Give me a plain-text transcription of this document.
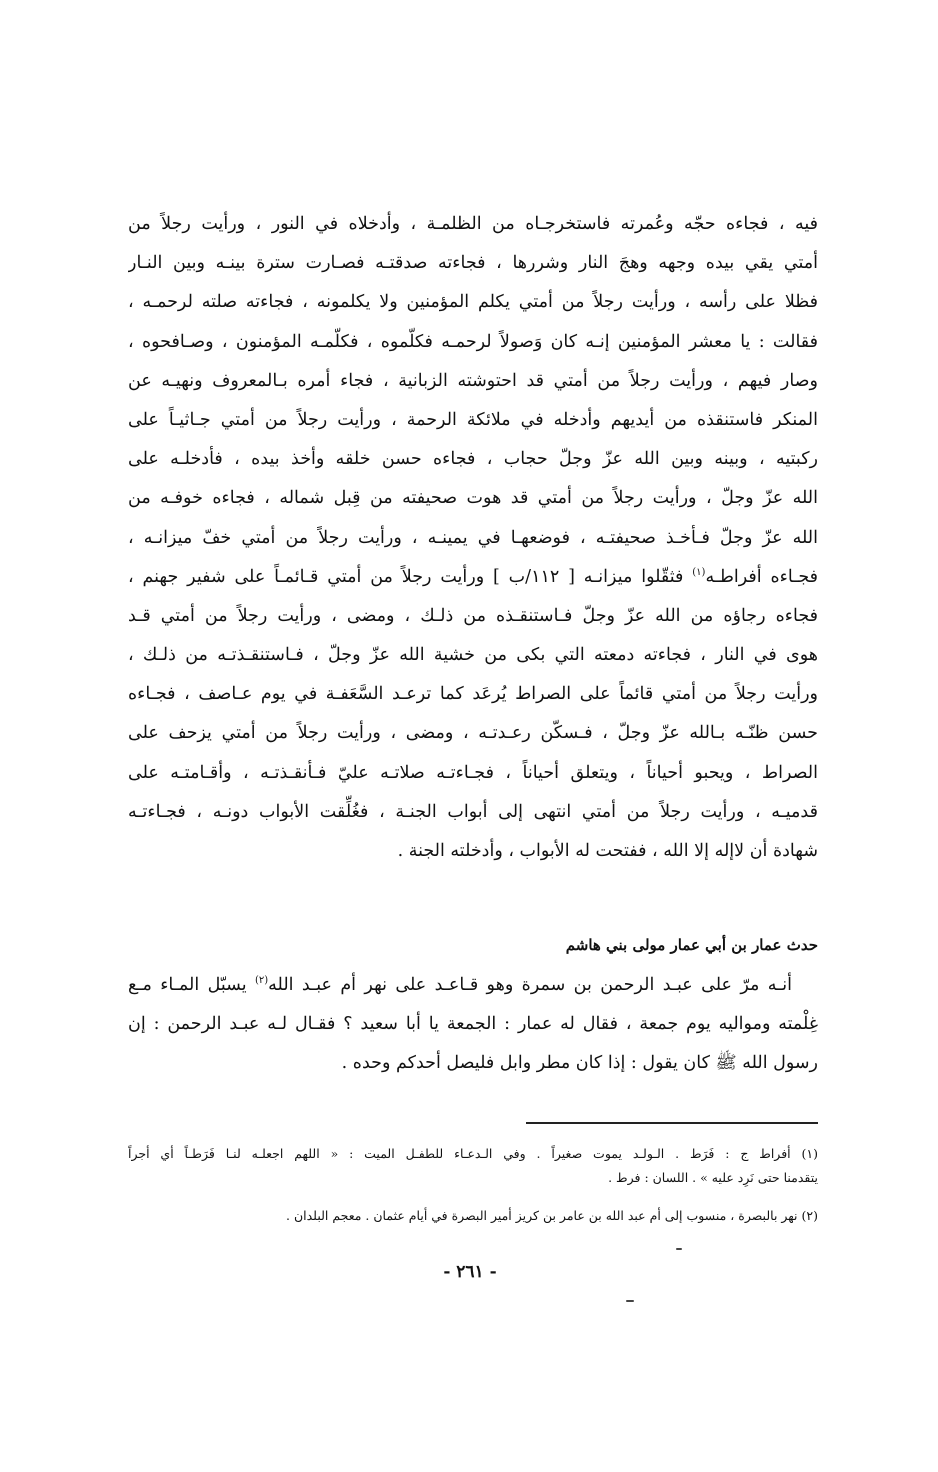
فيه ، فجاءه حجّه وعُمرته فاستخرجـاه من الظلمـة ، وأدخلاه في النور ، ورأيت رجلاً من
أمتي يقي بيده وجهه وهجَ النار وشررها ، فجاءته صدقتـه فصـارت سترة بينـه وبين النـار
فظلا على رأسه ، ورأيت رجلاً من أمتي يكلم المؤمنين ولا يكلمونه ، فجاءته صلته لرحمـه ،
فقالت : يا معشر المؤمنين إنـه كان وَصولاً لرحمـه فكلّموه ، فكلّمـه المؤمنون ، وصـافحوه ،
وصار فيهم ، ورأيت رجلاً من أمتي قد احتوشته الزبانية ، فجاء أمره بـالمعروف ونهيـه عن
المنكر فاستنقذه من أيديهم وأدخله في ملائكة الرحمة ، ورأيت رجلاً من أمتي جـاثيـاً على
ركبتيه ، وبينه وبين الله عزّ وجلّ حجاب ، فجاءه حسن خلقه وأخذ بيده ، فأدخلـه على
الله عزّ وجلّ ، ورأيت رجلاً من أمتي قد هوت صحيفته من قِبل شماله ، فجاءه خوفـه من
الله عزّ وجلّ فـأخـذ صحيفتـه ، فوضعهـا في يمينـه ، ورأيت رجلاً من أمتي خفّ ميزانـه ،
فجـاءه أفراطـه$^{(١)}$ فثقّلوا ميزانـه [ ١١٢/ب ] ورأيت رجلاً من أمتي قـائمـاً على شفير جهنم ،
فجاءه رجاؤه من الله عزّ وجلّ فـاستنقـذه من ذلـك ، ومضى ، ورأيت رجلاً من أمتي قـد
هوى في النار ، فجاءته دمعته التي بكى من خشية الله عزّ وجلّ ، فـاستنقـذتـه من ذلـك ،
ورأيت رجلاً من أمتي قائماً على الصراط يُرعَد كما ترعـد السَّعَفـة في يوم عـاصف ، فجـاءه
حسن ظنّـه بـالله عزّ وجلّ ، فـسكّن رعـدتـه ، ومضى ، ورأيت رجلاً من أمتي يزحف على
الصراط ، ويحبو أحياناً ، ويتعلق أحياناً ، فجـاءتـه صلاتـه عليّ فـأنقـذتـه ، وأقـامتـه على
قدميـه ، ورأيت رجلاً من أمتي انتهى إلى أبواب الجنـة ، فغُلِّقت الأبواب دونـه ، فجـاءتـه
شهادة أن لاإله إلا الله ، ففتحت له الأبواب ، وأدخلته الجنة .
حدث عمار بن أبي عمار مولى بني هاشم
أنـه مرّ على عبـد الرحمن بن سمرة وهو قـاعـد على نهر أم عبـد الله$^{(٢)}$ يسبّل المـاء مـع
غِلْمته ومواليه يوم جمعة ، فقال له عمار : الجمعة يا أبا سعيد ؟ فقـال لـه عبـد الرحمن : إن
رسول الله ﷺ كان يقول : إذا كان مطر وابل فليصل أحدكم وحده .
(١) أفراط ج : فَرَط . الـولـد يموت صغيراً . وفي الـدعـاء للطفـل الميت : « اللهم اجعلـه لنـا فَرَطـاً أي أجراً
يتقدمنا حتى نَرِد عليه » . اللسان : فرط .
(٢) نهر بالبصرة ، منسوب إلى أم عبد الله بن عامر بن كريز أمير البصرة في أيام عثمان . معجم البلدان .
- ٢٦١ -
